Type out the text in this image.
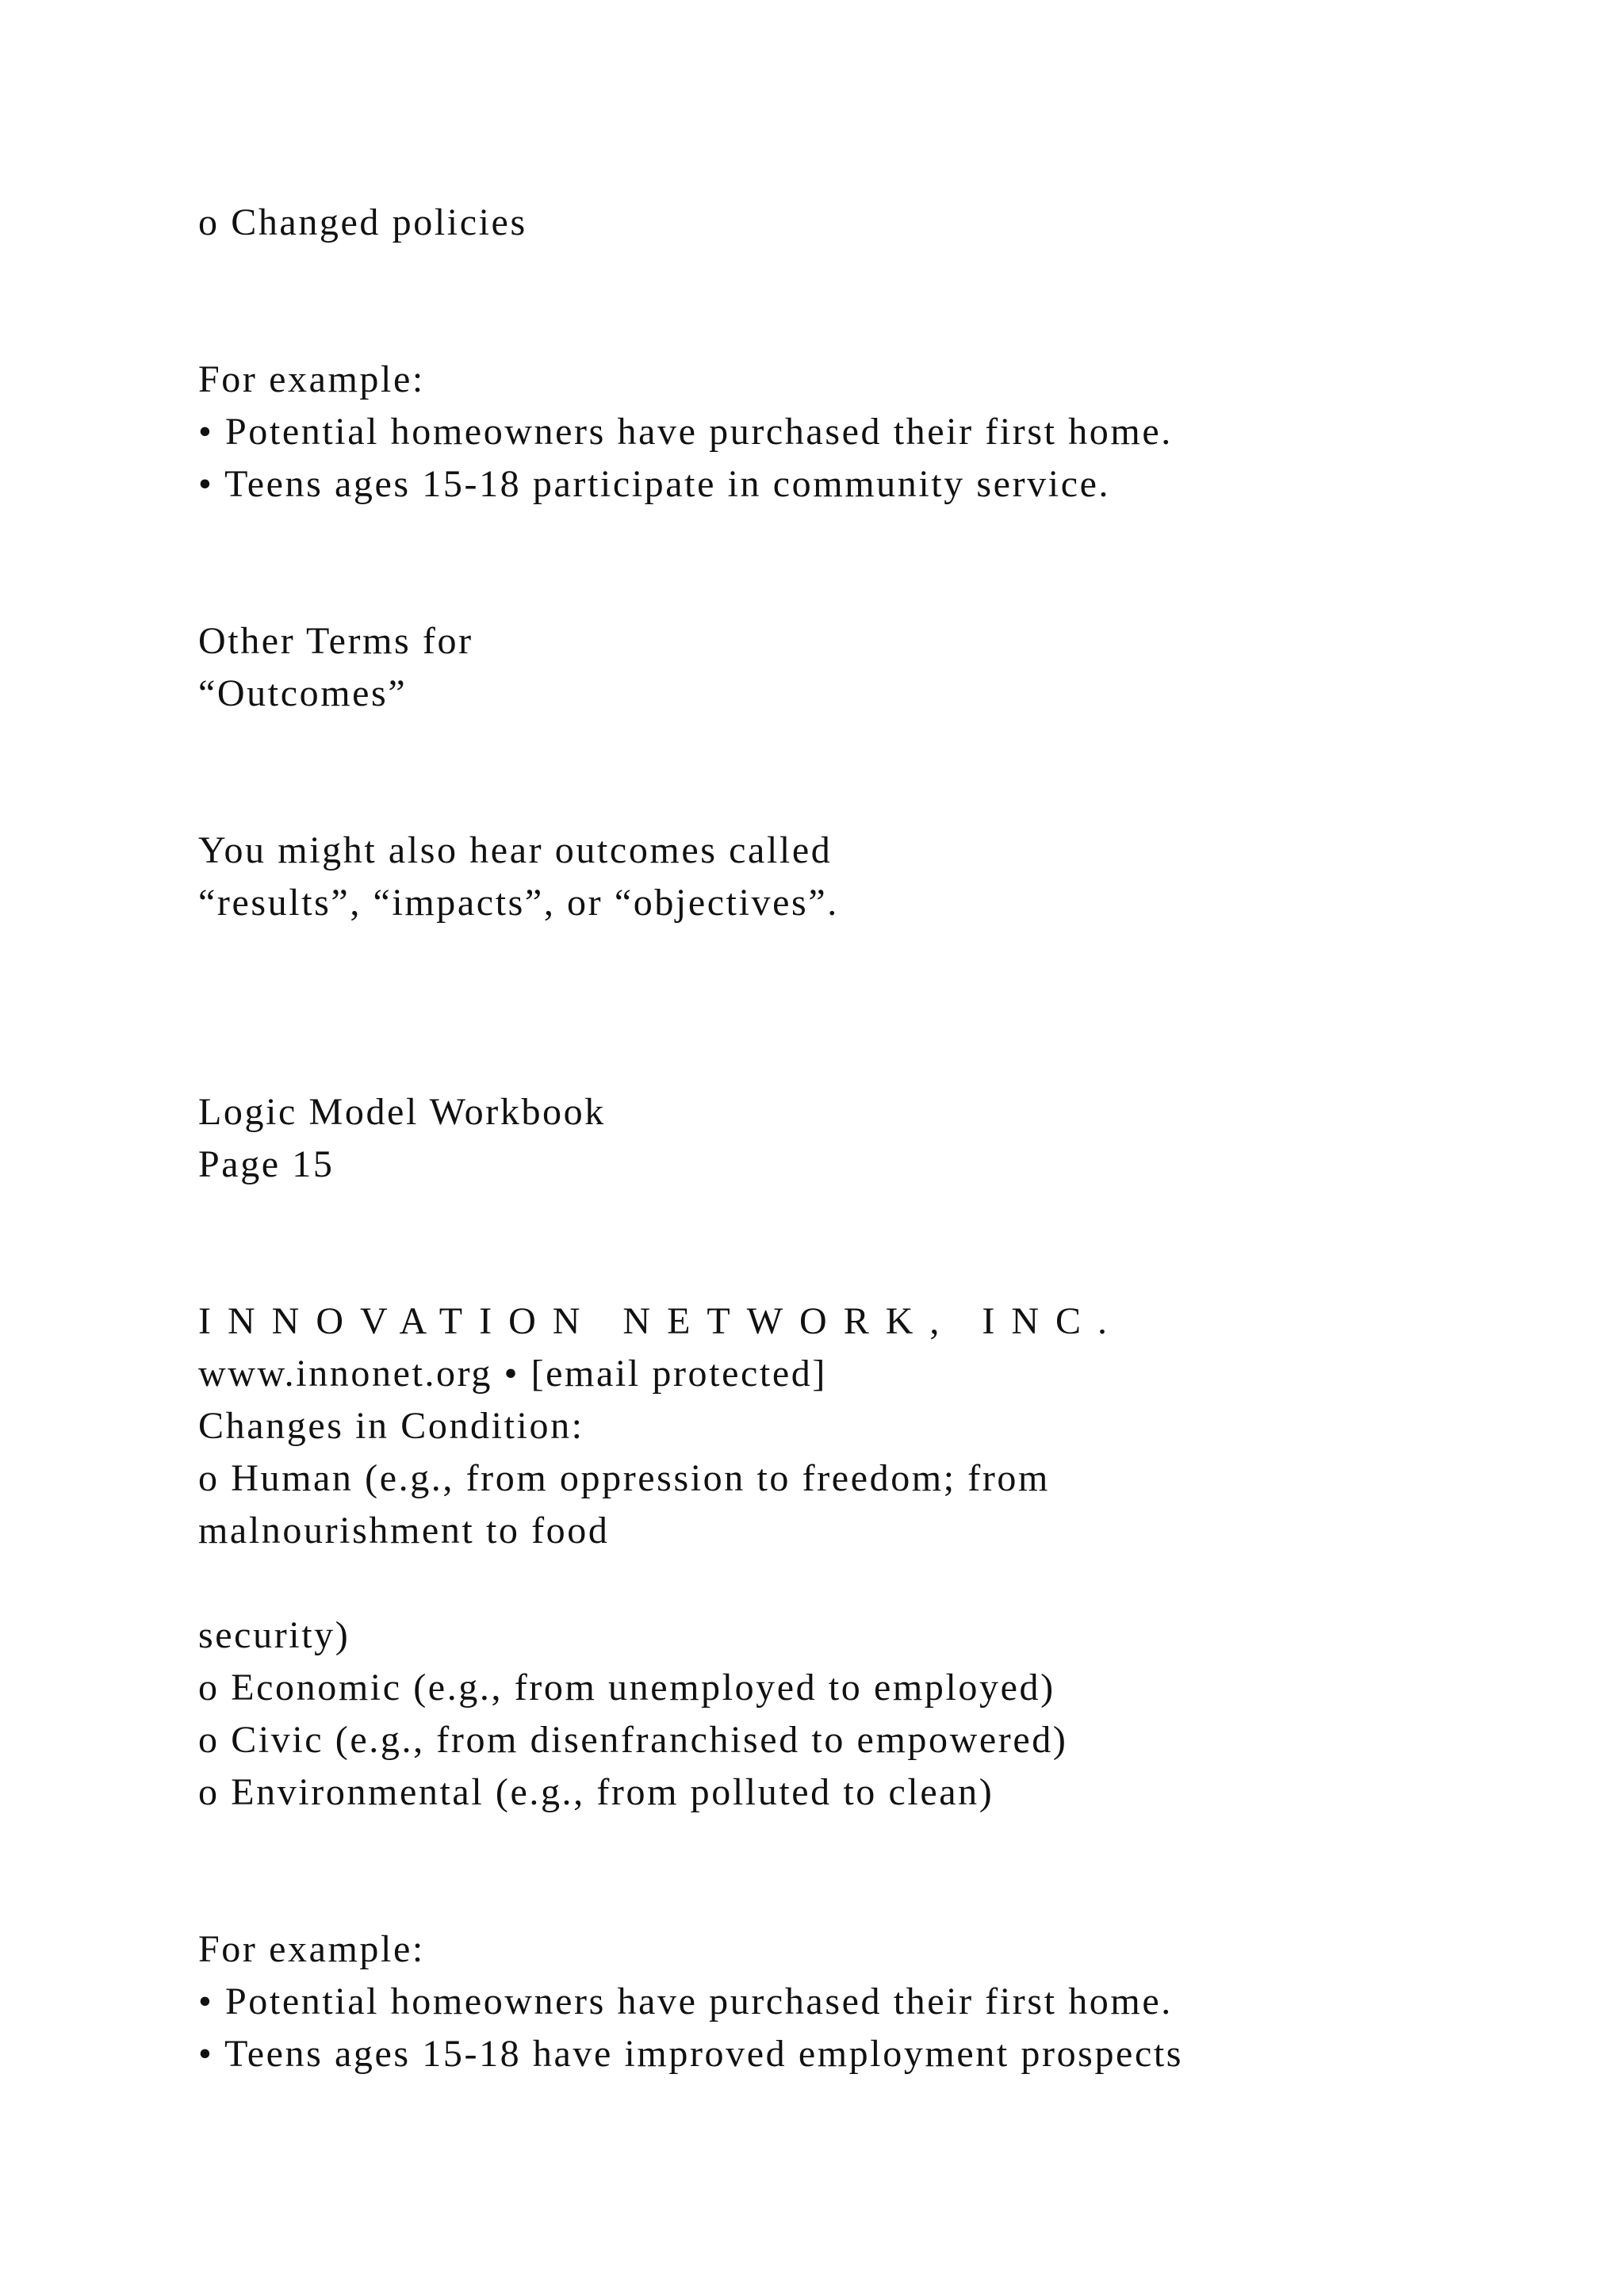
o Changed policies

For example:

• Potential homeowners have purchased their first home.

• Teens ages 15-18 participate in community service.

Other Terms for

“Outcomes”

You might also hear outcomes called

“results”, “impacts”, or “objectives”.

Logic Model Workbook

Page 15

INNOVATION NETWORK, INC.

www.innonet.org • [email protected]

Changes in Condition:

o Human (e.g., from oppression to freedom; from

malnourishment to food

security)

o Economic (e.g., from unemployed to employed)

o Civic (e.g., from disenfranchised to empowered)

o Environmental (e.g., from polluted to clean)

For example:

• Potential homeowners have purchased their first home.

• Teens ages 15-18 have improved employment prospects
